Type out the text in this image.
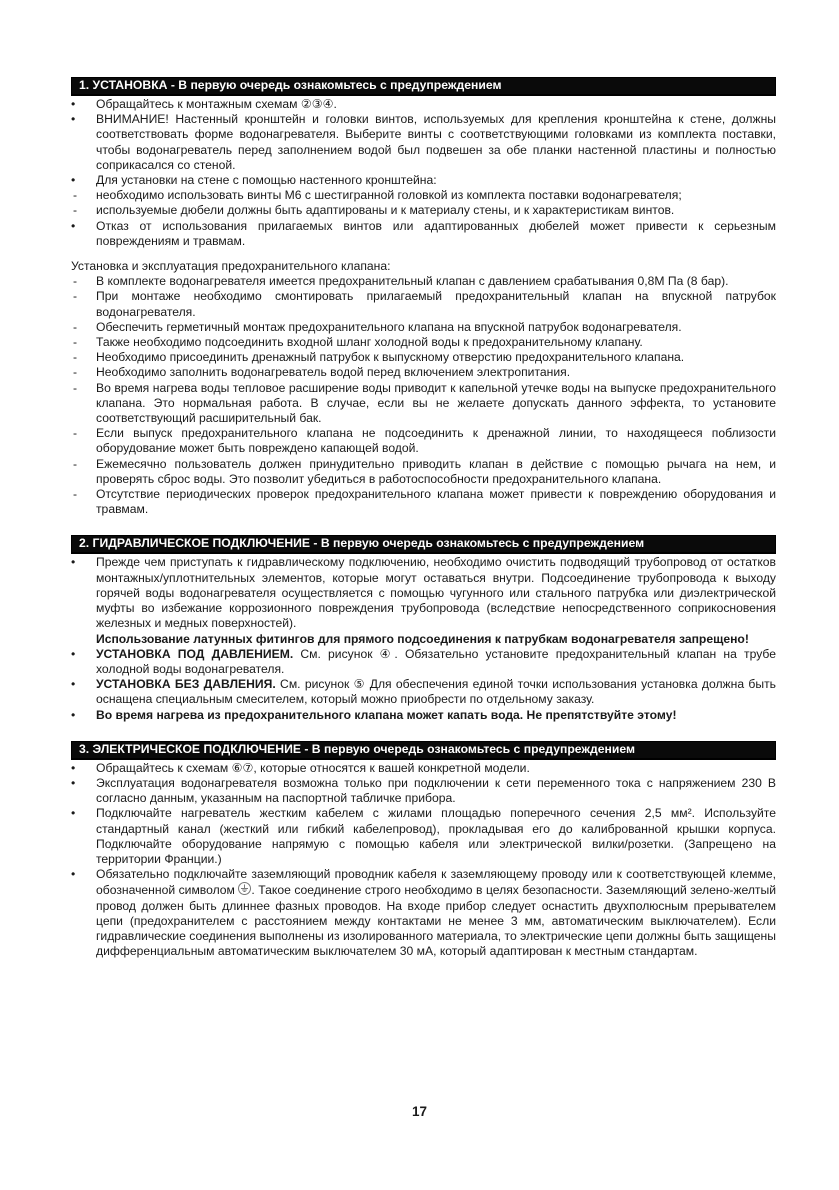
1. УСТАНОВКА - В первую очередь ознакомьтесь с предупреждением
•	Обращайтесь к монтажным схемам ②③④.
•	ВНИМАНИЕ! Настенный кронштейн и головки винтов, используемых для крепления кронштейна к стене, должны соответствовать форме водонагревателя. Выберите винты с соответствующими головками из комплекта поставки, чтобы водонагреватель перед заполнением водой был подвешен за обе планки настенной пластины и полностью соприкасался со стеной.
•	Для установки на стене с помощью настенного кронштейна:
-	необходимо использовать винты М6 с шестигранной головкой из комплекта поставки водонагревателя;
-	используемые дюбели должны быть адаптированы и к материалу стены, и к характеристикам винтов.
•	Отказ от использования прилагаемых винтов или адаптированных дюбелей может привести к серьезным повреждениям и травмам.
Установка и эксплуатация предохранительного клапана:
-	В комплекте водонагревателя имеется предохранительный клапан с давлением срабатывания 0,8М Па (8 бар).
-	При монтаже необходимо смонтировать прилагаемый предохранительный клапан на впускной патрубок водонагревателя.
-	Обеспечить герметичный монтаж предохранительного клапана на впускной патрубок водонагревателя.
-	Также необходимо подсоединить входной шланг холодной воды к предохранительному клапану.
-	Необходимо присоединить дренажный патрубок к выпускному отверстию предохранительного клапана.
-	Необходимо заполнить водонагреватель водой перед включением электропитания.
-	Во время нагрева воды тепловое расширение воды приводит к капельной утечке воды на выпуске предохранительного клапана. Это нормальная работа. В случае, если вы не желаете допускать данного эффекта, то установите соответствующий расширительный бак.
-	Если выпуск предохранительного клапана не подсоединить к дренажной линии, то находящееся поблизости оборудование может быть повреждено капающей водой.
-	Ежемесячно пользователь должен принудительно приводить клапан в действие с помощью рычага на нем, и проверять сброс воды. Это позволит убедиться в работоспособности предохранительного клапана.
-	Отсутствие периодических проверок предохранительного клапана может привести к повреждению оборудования и травмам.
2. ГИДРАВЛИЧЕСКОЕ ПОДКЛЮЧЕНИЕ - В первую очередь ознакомьтесь с предупреждением
•	Прежде чем приступать к гидравлическому подключению, необходимо очистить подводящий трубопровод от остатков монтажных/уплотнительных элементов, которые могут оставаться внутри. Подсоединение трубопровода к выходу горячей воды водонагревателя осуществляется с помощью чугунного или стального патрубка или диэлектрической муфты во избежание коррозионного повреждения трубопровода (вследствие непосредственного соприкосновения железных и медных поверхностей).
Использование латунных фитингов для прямого подсоединения к патрубкам водонагревателя запрещено!
•	УСТАНОВКА ПОД ДАВЛЕНИЕМ. См. рисунок ④. Обязательно установите предохранительный клапан на трубе холодной воды водонагревателя.
•	УСТАНОВКА БЕЗ ДАВЛЕНИЯ. См. рисунок ⑤ Для обеспечения единой точки использования установка должна быть оснащена специальным смесителем, который можно приобрести по отдельному заказу.
•	Во время нагрева из предохранительного клапана может капать вода. Не препятствуйте этому!
3. ЭЛЕКТРИЧЕСКОЕ ПОДКЛЮЧЕНИЕ - В первую очередь ознакомьтесь с предупреждением
•	Обращайтесь к схемам ⑥⑦, которые относятся к вашей конкретной модели.
•	Эксплуатация водонагревателя возможна только при подключении к сети переменного тока с напряжением 230 В согласно данным, указанным на паспортной табличке прибора.
•	Подключайте нагреватель жестким кабелем с жилами площадью поперечного сечения 2,5 мм². Используйте стандартный канал (жесткий или гибкий кабелепровод), прокладывая его до калиброванной крышки корпуса. Подключайте оборудование напрямую с помощью кабеля или электрической вилки/розетки. (Запрещено на территории Франции.)
•	Обязательно подключайте заземляющий проводник кабеля к заземляющему проводу или к соответствующей клемме, обозначенной символом
. Такое соединение строго необходимо в целях безопасности. Заземляющий зелено-желтый провод должен быть длиннее фазных проводов. На входе прибор следует оснастить двухполюсным прерывателем цепи (предохранителем с расстоянием между контактами не менее 3 мм, автоматическим выключателем). Если гидравлические соединения выполнены из изолированного материала, то электрические цепи должны быть защищены дифференциальным автоматическим выключателем 30 мА, который адаптирован к местным стандартам.
17
